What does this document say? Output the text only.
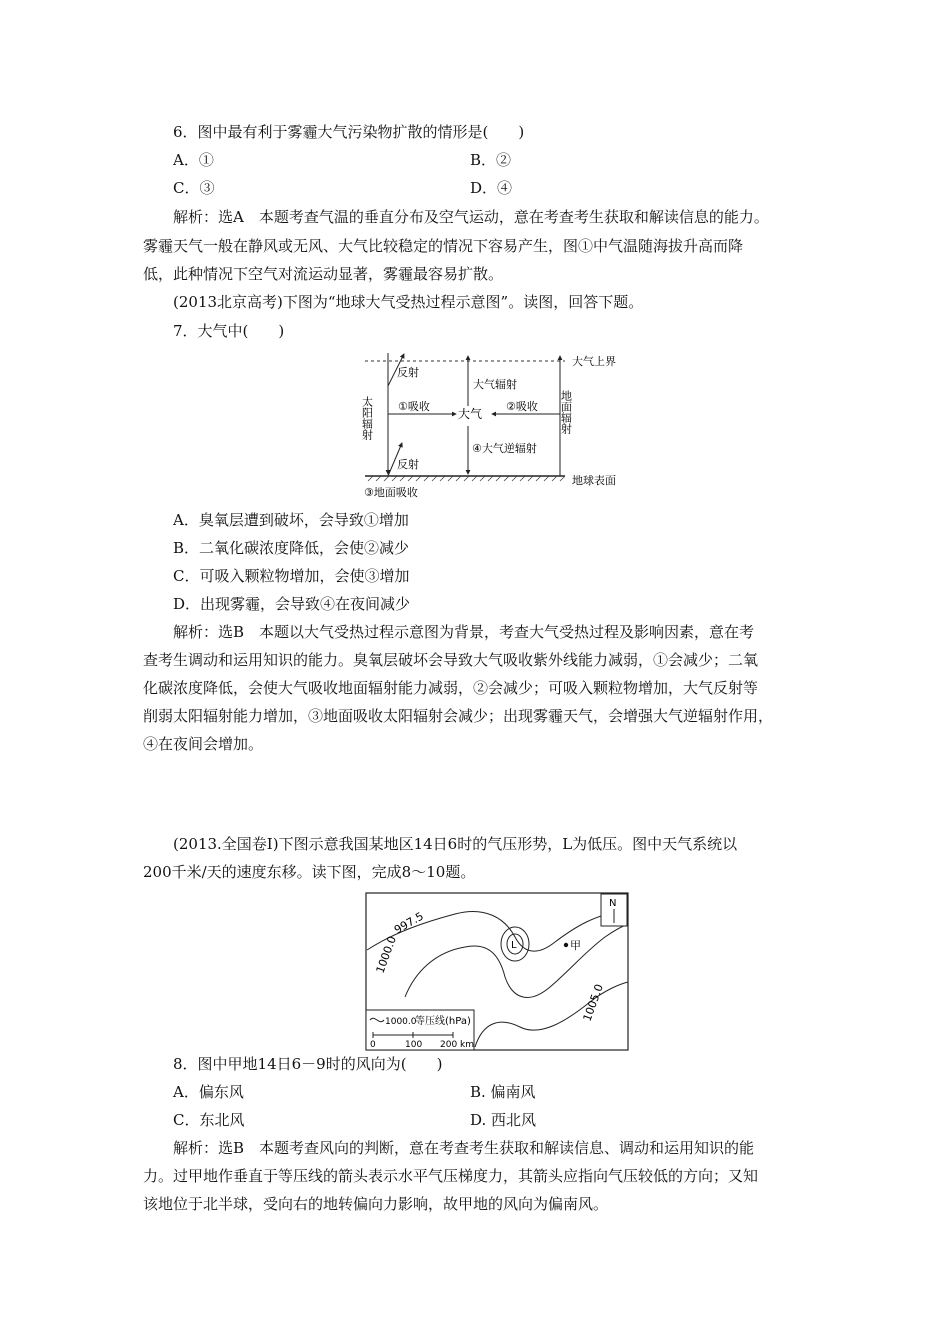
6．图中最有利于雾霾大气污染物扩散的情形是(　　)
A．①	B．②
C．③	D．④
解析：选A　本题考查气温的垂直分布及空气运动，意在考查考生获取和解读信息的能力。
雾霾天气一般在静风或无风、大气比较稳定的情况下容易产生，图①中气温随海拔升高而降
低，此种情况下空气对流运动显著，雾霾最容易扩散。
(2013北京高考)下图为“地球大气受热过程示意图”。读图，回答下题。
7．大气中(　　)
大气上界
地球表面
太阳辐射
反射
反射
①吸收
大气
②吸收
大气辐射
④大气逆辐射
地面辐射
③地面吸收
A．臭氧层遭到破坏，会导致①增加
B．二氧化碳浓度降低，会使②减少
C．可吸入颗粒物增加，会使③增加
D．出现雾霾，会导致④在夜间减少
解析：选B　本题以大气受热过程示意图为背景，考查大气受热过程及影响因素，意在考
查考生调动和运用知识的能力。臭氧层破坏会导致大气吸收紫外线能力减弱，①会减少；二氧
化碳浓度降低，会使大气吸收地面辐射能力减弱，②会减少；可吸入颗粒物增加，大气反射等
削弱太阳辐射能力增加，③地面吸收太阳辐射会减少；出现雾霾天气，会增强大气逆辐射作用，
④在夜间会增加。
(2013.全国卷Ⅰ)下图示意我国某地区14日6时的气压形势，L为低压。图中天气系统以
200千米/天的速度东移。读下图，完成8～10题。
997.5
1000.0
1005.0
L	甲
N
1000.0
等压线(hPa)
0	100 200 km
8．图中甲地14日6－9时的风向为(　　)
A．偏东风	B. 偏南风
C．东北风	D. 西北风
解析：选B　本题考查风向的判断，意在考查考生获取和解读信息、调动和运用知识的能
力。过甲地作垂直于等压线的箭头表示水平气压梯度力，其箭头应指向气压较低的方向；又知
该地位于北半球，受向右的地转偏向力影响，故甲地的风向为偏南风。
